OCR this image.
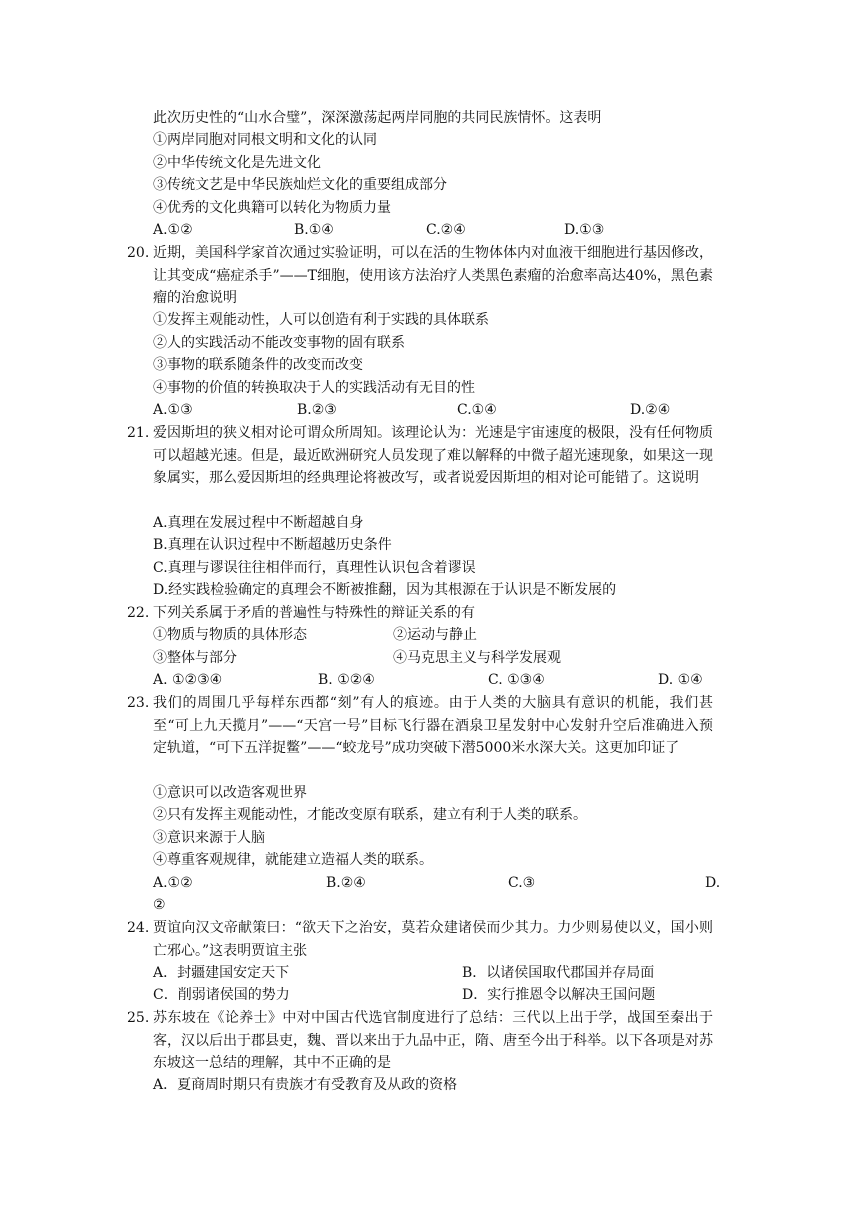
此次历史性的“山水合璧”，深深激荡起两岸同胞的共同民族情怀。这表明
①两岸同胞对同根文明和文化的认同
②中华传统文化是先进文化
③传统文艺是中华民族灿烂文化的重要组成部分
④优秀的文化典籍可以转化为物质力量
A.①②	B.①④	C.②④	D.①③
20. 近期，美国科学家首次通过实验证明，可以在活的生物体体内对血液干细胞进行基因修改，让其变成“癌症杀手”——T细胞，使用该方法治疗人类黑色素瘤的治愈率高达40%，黑色素瘤的治愈说明
①发挥主观能动性，人可以创造有利于实践的具体联系
②人的实践活动不能改变事物的固有联系
③事物的联系随条件的改变而改变
④事物的价值的转换取决于人的实践活动有无目的性
A.①③	B.②③	C.①④	D.②④
21. 爱因斯坦的狭义相对论可谓众所周知。该理论认为：光速是宇宙速度的极限，没有任何物质可以超越光速。但是，最近欧洲研究人员发现了难以解释的中微子超光速现象，如果这一现象属实，那么爱因斯坦的经典理论将被改写，或者说爱因斯坦的相对论可能错了。这说明
A.真理在发展过程中不断超越自身
B.真理在认识过程中不断超越历史条件
C.真理与谬误往往相伴而行，真理性认识包含着谬误
D.经实践检验确定的真理会不断被推翻，因为其根源在于认识是不断发展的
22. 下列关系属于矛盾的普遍性与特殊性的辩证关系的有
①物质与物质的具体形态	②运动与静止
③整体与部分	④马克思主义与科学发展观
A. ①②③④	B. ①②④	C. ①③④	D. ①④
23. 我们的周围几乎每样东西都“刻”有人的痕迹。由于人类的大脑具有意识的机能，我们甚至“可上九天揽月”——“天宫一号”目标飞行器在酒泉卫星发射中心发射升空后准确进入预定轨道，“可下五洋捉鳖”——“蛟龙号”成功突破下潜5000米水深大关。这更加印证了
①意识可以改造客观世界
②只有发挥主观能动性，才能改变原有联系，建立有利于人类的联系。
③意识来源于人脑
④尊重客观规律，就能建立造福人类的联系。
A.①②	B.②④	C.③	D.
②
24. 贾谊向汉文帝献策曰：“欲天下之治安，莫若众建诸侯而少其力。力少则易使以义，国小则亡邪心。”这表明贾谊主张
A．封疆建国安定天下	B．以诸侯国取代郡国并存局面
C．削弱诸侯国的势力	D．实行推恩令以解决王国问题
25. 苏东坡在《论养士》中对中国古代选官制度进行了总结：三代以上出于学，战国至秦出于客，汉以后出于郡县吏，魏、晋以来出于九品中正，隋、唐至今出于科举。以下各项是对苏东坡这一总结的理解，其中不正确的是
A．夏商周时期只有贵族才有受教育及从政的资格
